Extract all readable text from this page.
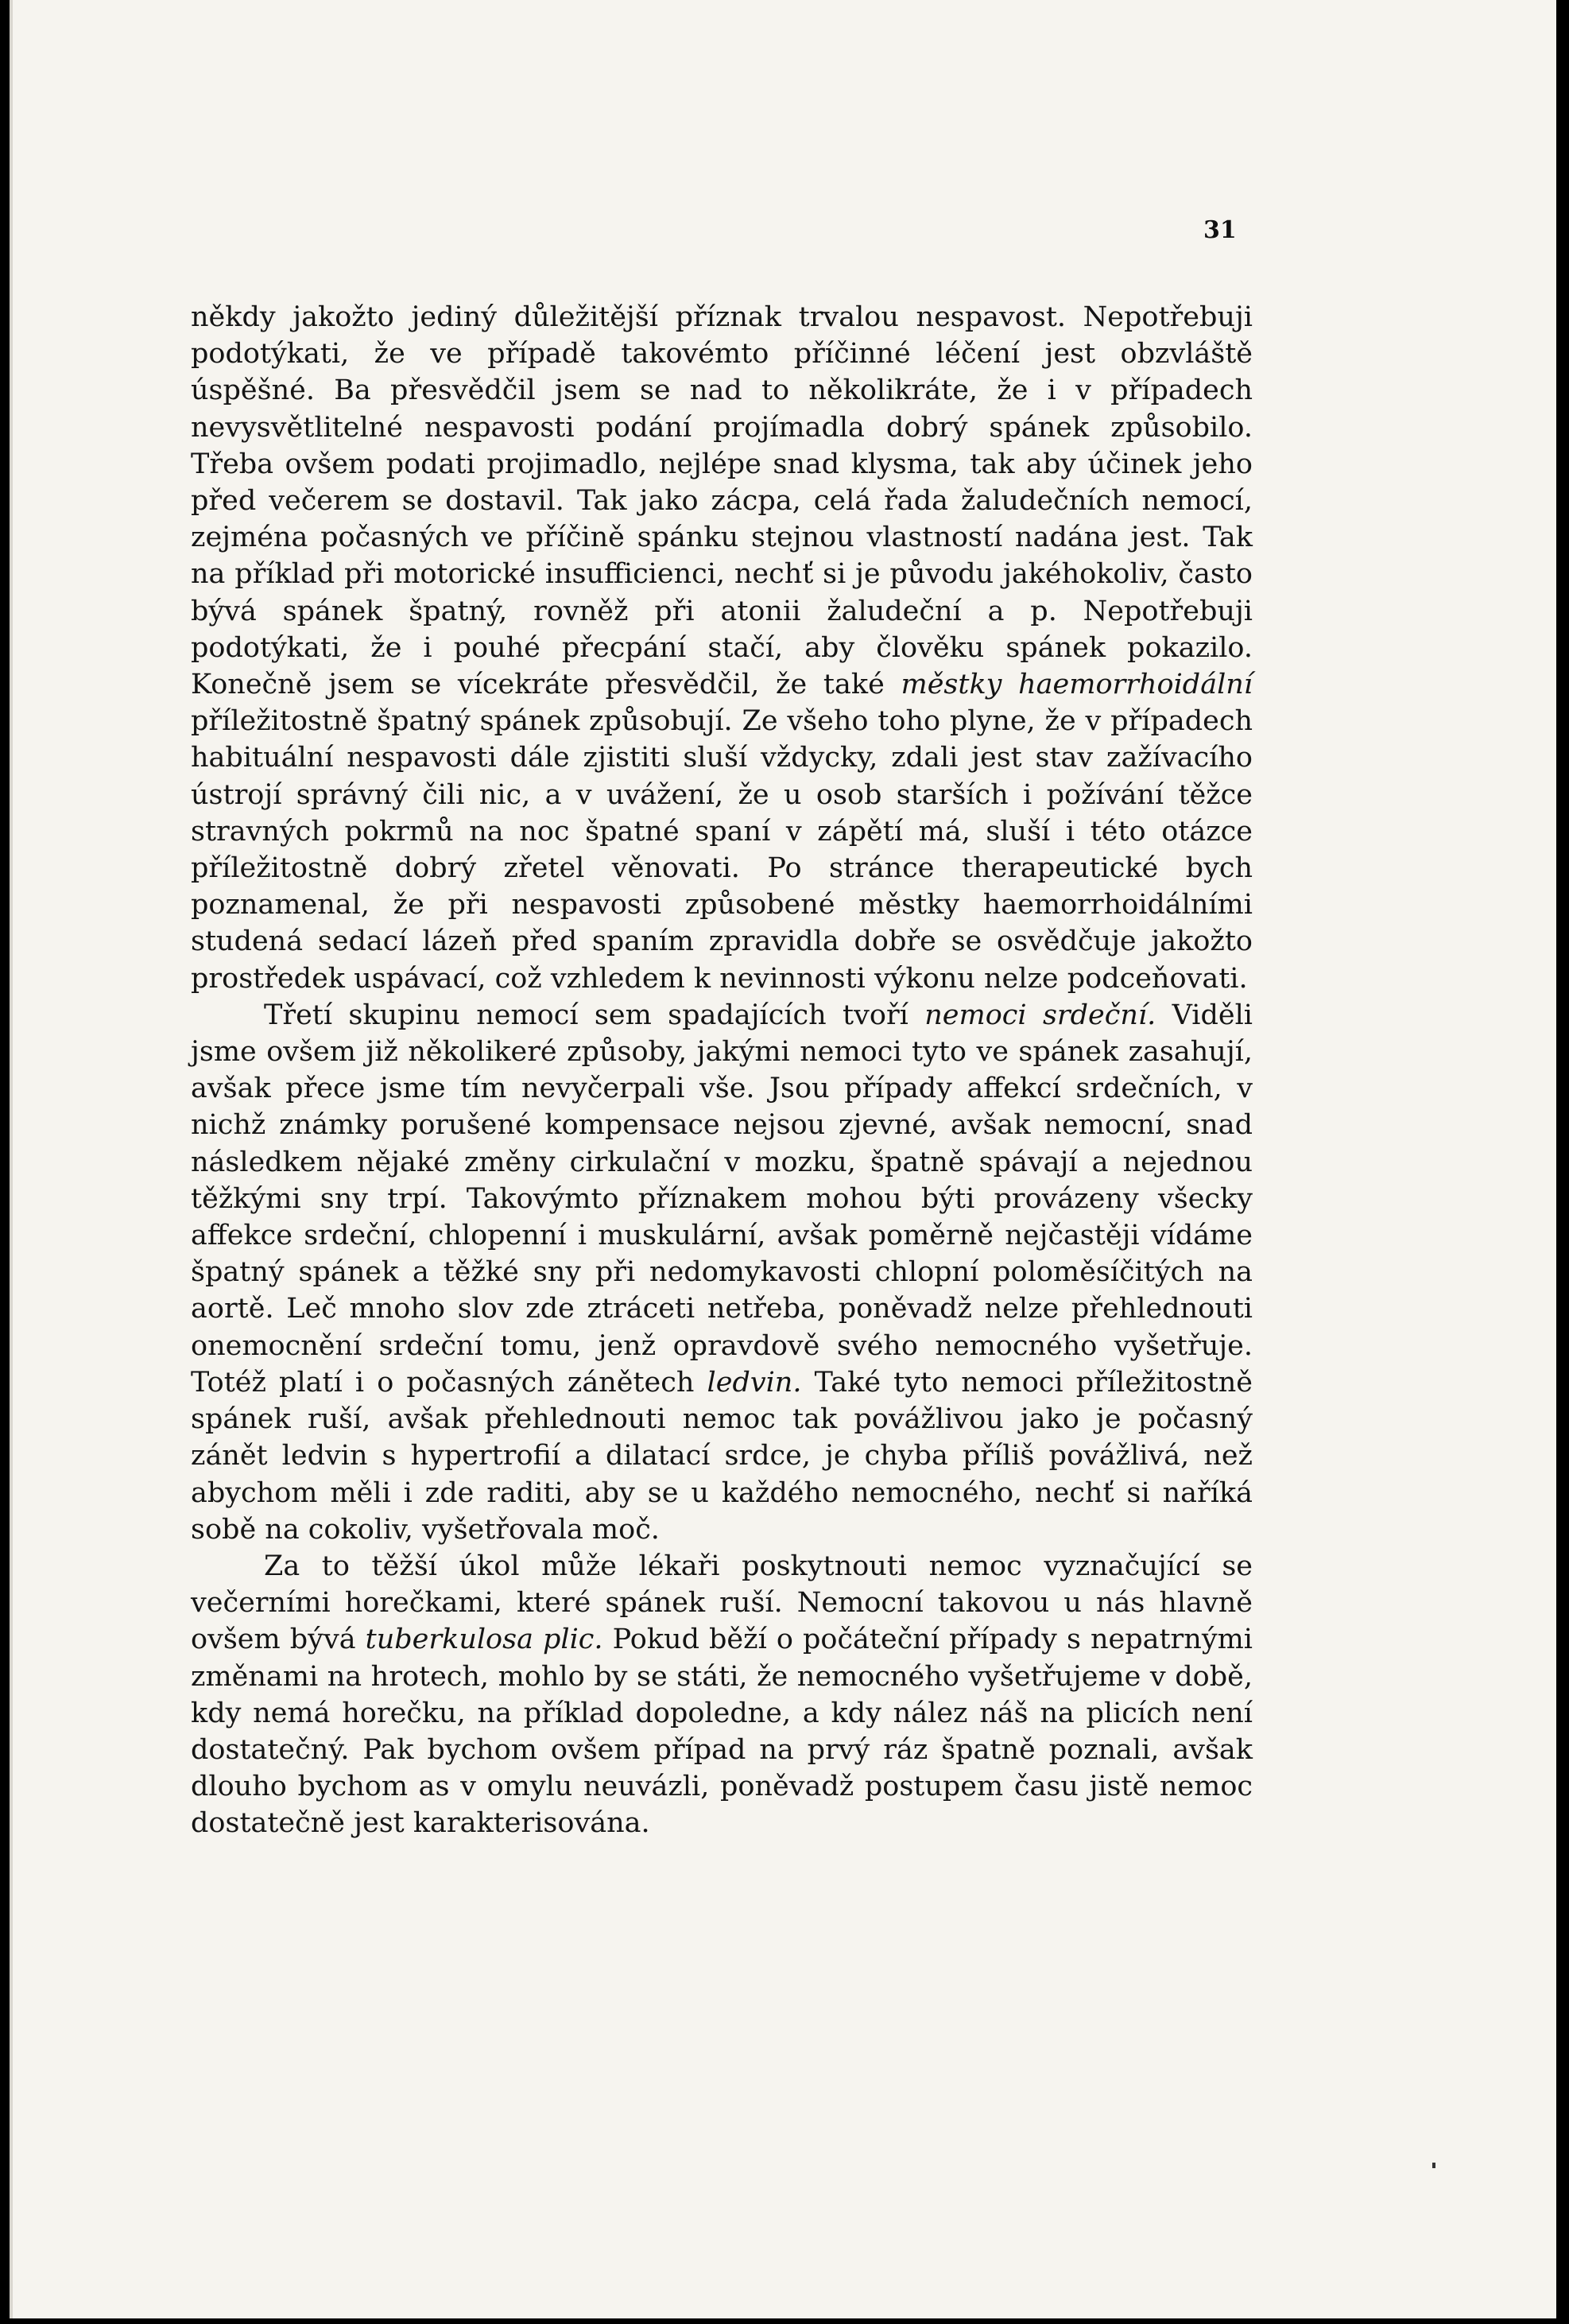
31

někdy jakožto jediný důležitější příznak trvalou nespavost. Nepotřebuji podotýkati, že ve případě takovémto příčinné léčení jest obzvláště úspěšné. Ba přesvědčil jsem se nad to několikráte, že i v případech nevysvětlitelné nespavosti podání projímadla dobrý spánek způsobilo. Třeba ovšem podati projimadlo, nejlépe snad klysma, tak aby účinek jeho před večerem se dostavil. Tak jako zácpa, celá řada žaludečních nemocí, zejména počasných ve příčině spánku stejnou vlastností nadána jest. Tak na příklad při motorické insufficienci, nechť si je původu jakéhokoliv, často bývá spánek špatný, rovněž při atonii žaludeční a p. Nepotřebuji podotýkati, že i pouhé přecpání stačí, aby člověku spánek pokazilo. Konečně jsem se vícekráte přesvědčil, že také městky haemorrhoidální příležitostně špatný spánek způsobují. Ze všeho toho plyne, že v případech habituální nespavosti dále zjistiti sluší vždycky, zdali jest stav zažívacího ústrojí správný čili nic, a v uvážení, že u osob starších i požívání těžce stravných pokrmů na noc špatné spaní v zápětí má, sluší i této otázce příležitostně dobrý zřetel věnovati. Po stránce therapeutické bych poznamenal, že při nespavosti způsobené městky haemorrhoidálními studená sedací lázeň před spaním zpravidla dobře se osvědčuje jakožto prostředek uspávací, což vzhledem k nevinnosti výkonu nelze podceňovati.

Třetí skupinu nemocí sem spadajících tvoří nemoci srdeční. Viděli jsme ovšem již několikeré způsoby, jakými nemoci tyto ve spánek zasahují, avšak přece jsme tím nevyčerpali vše. Jsou případy affekcí srdečních, v nichž známky porušené kompensace nejsou zjevné, avšak nemocní, snad následkem nějaké změny cirkulační v mozku, špatně spávají a nejednou těžkými sny trpí. Takovýmto příznakem mohou býti provázeny všecky affekce srdeční, chlopenní i muskulární, avšak poměrně nejčastěji vídáme špatný spánek a těžké sny při nedomykavosti chlopní poloměsíčitých na aortě. Leč mnoho slov zde ztráceti netřeba, poněvadž nelze přehlednouti onemocnění srdeční tomu, jenž opravdově svého nemocného vyšetřuje. Totéž platí i o počasných zánětech ledvin. Také tyto nemoci příležitostně spánek ruší, avšak přehlednouti nemoc tak povážlivou jako je počasný zánět ledvin s hypertrofií a dilatací srdce, je chyba příliš povážlivá, než abychom měli i zde raditi, aby se u každého nemocného, nechť si naříká sobě na cokoliv, vyšetřovala moč.

Za to těžší úkol může lékaři poskytnouti nemoc vyznačující se večerními horečkami, které spánek ruší. Nemocní takovou u nás hlavně ovšem bývá tuberkulosa plic. Pokud běží o počáteční případy s nepatrnými změnami na hrotech, mohlo by se státi, že nemocného vyšetřujeme v době, kdy nemá horečku, na příklad dopoledne, a kdy nález náš na plicích není dostatečný. Pak bychom ovšem případ na prvý ráz špatně poznali, avšak dlouho bychom as v omylu neuvázli, poněvadž postupem času jistě nemoc dostatečně jest karakterisována.
